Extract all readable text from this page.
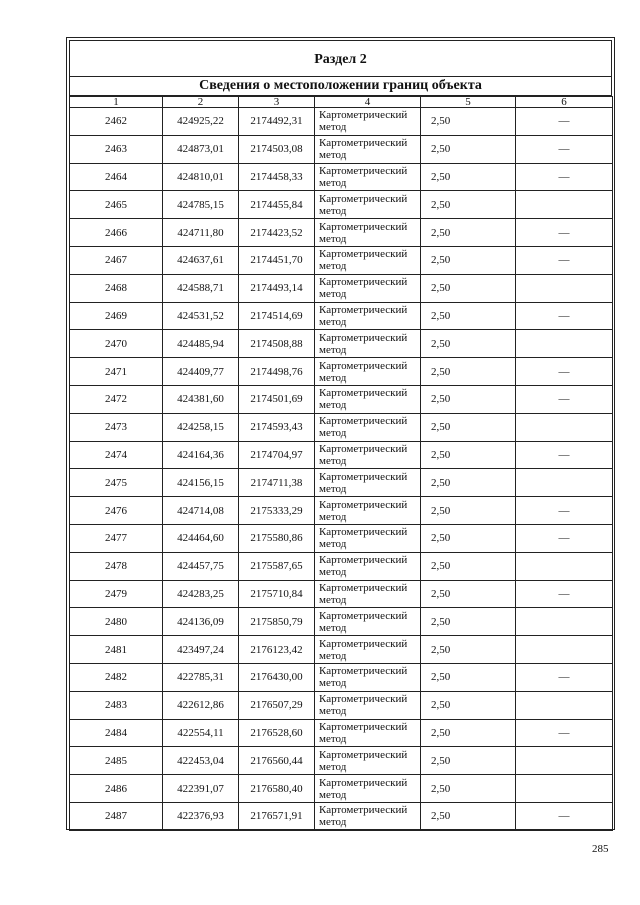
Раздел 2
Сведения о местоположении границ объекта
1	2	3	4	5	6
2462	424925,22	2174492,31	Картометрический метод	2,50	—
2463	424873,01	2174503,08	Картометрический метод	2,50	—
2464	424810,01	2174458,33	Картометрический метод	2,50	—
2465	424785,15	2174455,84	Картометрический метод	2,50	
2466	424711,80	2174423,52	Картометрический метод	2,50	—
2467	424637,61	2174451,70	Картометрический метод	2,50	—
2468	424588,71	2174493,14	Картометрический метод	2,50	
2469	424531,52	2174514,69	Картометрический метод	2,50	—
2470	424485,94	2174508,88	Картометрический метод	2,50	
2471	424409,77	2174498,76	Картометрический метод	2,50	—
2472	424381,60	2174501,69	Картометрический метод	2,50	—
2473	424258,15	2174593,43	Картометрический метод	2,50	
2474	424164,36	2174704,97	Картометрический метод	2,50	—
2475	424156,15	2174711,38	Картометрический метод	2,50	
2476	424714,08	2175333,29	Картометрический метод	2,50	—
2477	424464,60	2175580,86	Картометрический метод	2,50	—
2478	424457,75	2175587,65	Картометрический метод	2,50	
2479	424283,25	2175710,84	Картометрический метод	2,50	—
2480	424136,09	2175850,79	Картометрический метод	2,50	
2481	423497,24	2176123,42	Картометрический метод	2,50	
2482	422785,31	2176430,00	Картометрический метод	2,50	—
2483	422612,86	2176507,29	Картометрический метод	2,50	
2484	422554,11	2176528,60	Картометрический метод	2,50	—
2485	422453,04	2176560,44	Картометрический метод	2,50	
2486	422391,07	2176580,40	Картометрический метод	2,50	
2487	422376,93	2176571,91	Картометрический метод	2,50	—
285
